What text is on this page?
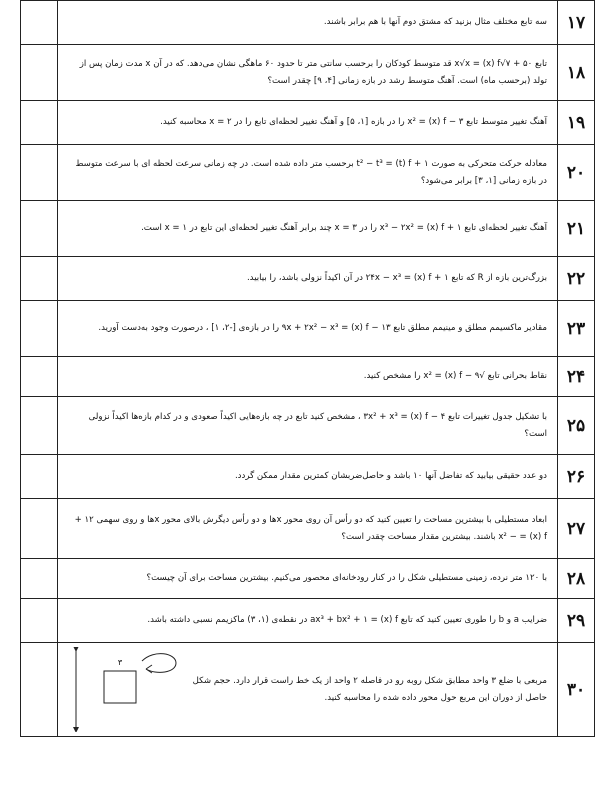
۱۷	سه تابع مختلف مثال بزنید که مشتق دوم آنها با هم برابر باشند.	
۱۸	تابع ۵۰ + ۷√x√x = (x) f قد متوسط کودکان را برحسب سانتی متر تا حدود ۶۰ ماهگی نشان می‌دهد. که در آن x مدت زمان پس از تولد (برحسب ماه) است. آهنگ متوسط رشد در بازه زمانی [۴، ۹] چقدر است؟	
۱۹	آهنگ تغییر متوسط تابع ۳ − x² = (x) f را در بازه [۱، ۵] و آهنگ تغییر لحظه‌ای تابع را در ۲ = x محاسبه کنید.	
۲۰	معادله حرکت متحرکی به صورت ۱ + t² − t³ = (t) f برحسب متر داده شده است. در چه زمانی سرعت لحظه ای با سرعت متوسط در بازه زمانی [۱، ۳] برابر می‌شود؟	
۲۱	آهنگ تغییر لحظه‌ای تابع ۱ + x³ − ۲x² = (x) f را در ۳ = x چند برابر آهنگ تغییر لحظه‌ای این تابع در ۱ = x است.	
۲۲	بزرگ‌ترین بازه از R که تابع ۱ + ۲۴x − x³ = (x) f در آن اکیداً نزولی باشد، را بیابید.	
۲۳	مقادیر ماکسیمم مطلق و مینیمم مطلق تابع ۱۳ − ۹x + ۲x² − x³ = (x) f را در بازه‌ی [-۲، ۱] ، درصورت وجود به‌دست آورید.	
۲۴	نقاط بحرانی تابع √۹ − x² = (x) f را مشخص کنید.	
۲۵	با تشکیل جدول تغییرات تابع ۴ − ۳x² + x³ = (x) f ، مشخص کنید تابع در چه بازه‌هایی اکیداً صعودی و در کدام بازه‌ها اکیداً نزولی است؟	
۲۶	دو عدد حقیقی بیابید که تفاضل آنها ۱۰ باشد و حاصل‌ضربشان کمترین مقدار ممکن گردد.	
۲۷	ابعاد مستطیلی با بیشترین مساحت را تعیین کنید که دو رأس آن روی محور xها و دو رأس دیگرش بالای محور xها و روی سهمی ۱۲ + x² − = (x) f باشند. بیشترین مقدار مساحت چقدر است؟	
۲۸	با ۱۲۰ متر نرده، زمینی مستطیلی شکل را در کنار رودخانه‌ای محصور می‌کنیم. بیشترین مساحت برای آن چیست؟	
۲۹	ضرایب a و b را طوری تعیین کنید که تابع ax³ + bx² + ۱ = (x) f در نقطه‌ی (۱، ۳) ماکزیمم نسبی داشته باشد.	
۳۰	مربعی با ضلع ۳ واحد مطابق شکل روبه رو در فاصله ۲ واحد از یک خط راست قرار دارد. حجم شکل حاصل از دوران این مربع حول محور داده شده را محاسبه کنید.
۳	
